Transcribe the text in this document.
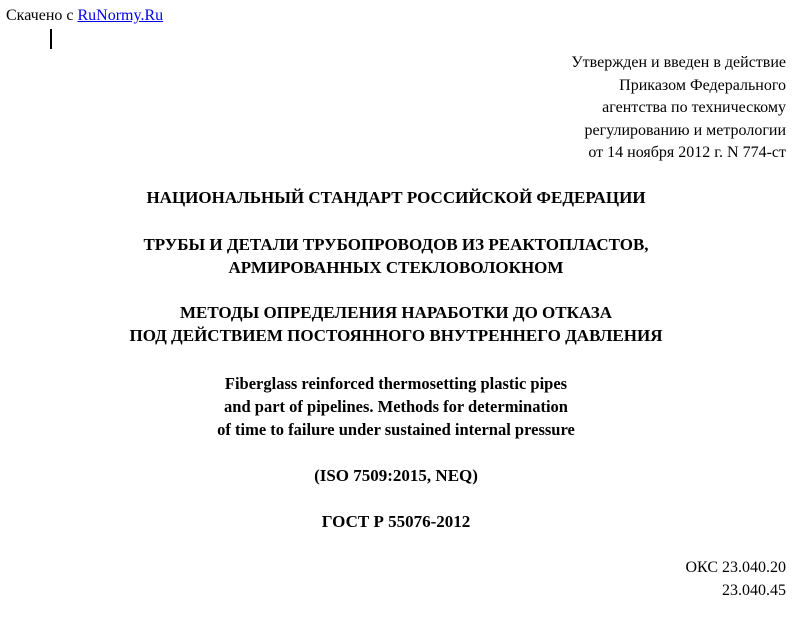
Скачено с RuNormy.Ru
Утвержден и введен в действие
Приказом Федерального
агентства по техническому
регулированию и метрологии
от 14 ноября 2012 г. N 774-ст
НАЦИОНАЛЬНЫЙ СТАНДАРТ РОССИЙСКОЙ ФЕДЕРАЦИИ
ТРУБЫ И ДЕТАЛИ ТРУБОПРОВОДОВ ИЗ РЕАКТОПЛАСТОВ,
АРМИРОВАННЫХ СТЕКЛОВОЛОКНОМ
МЕТОДЫ ОПРЕДЕЛЕНИЯ НАРАБОТКИ ДО ОТКАЗА
ПОД ДЕЙСТВИЕМ ПОСТОЯННОГО ВНУТРЕННЕГО ДАВЛЕНИЯ
Fiberglass reinforced thermosetting plastic pipes
and part of pipelines. Methods for determination
of time to failure under sustained internal pressure
(ISO 7509:2015, NEQ)
ГОСТ Р 55076-2012
ОКС 23.040.20
23.040.45
